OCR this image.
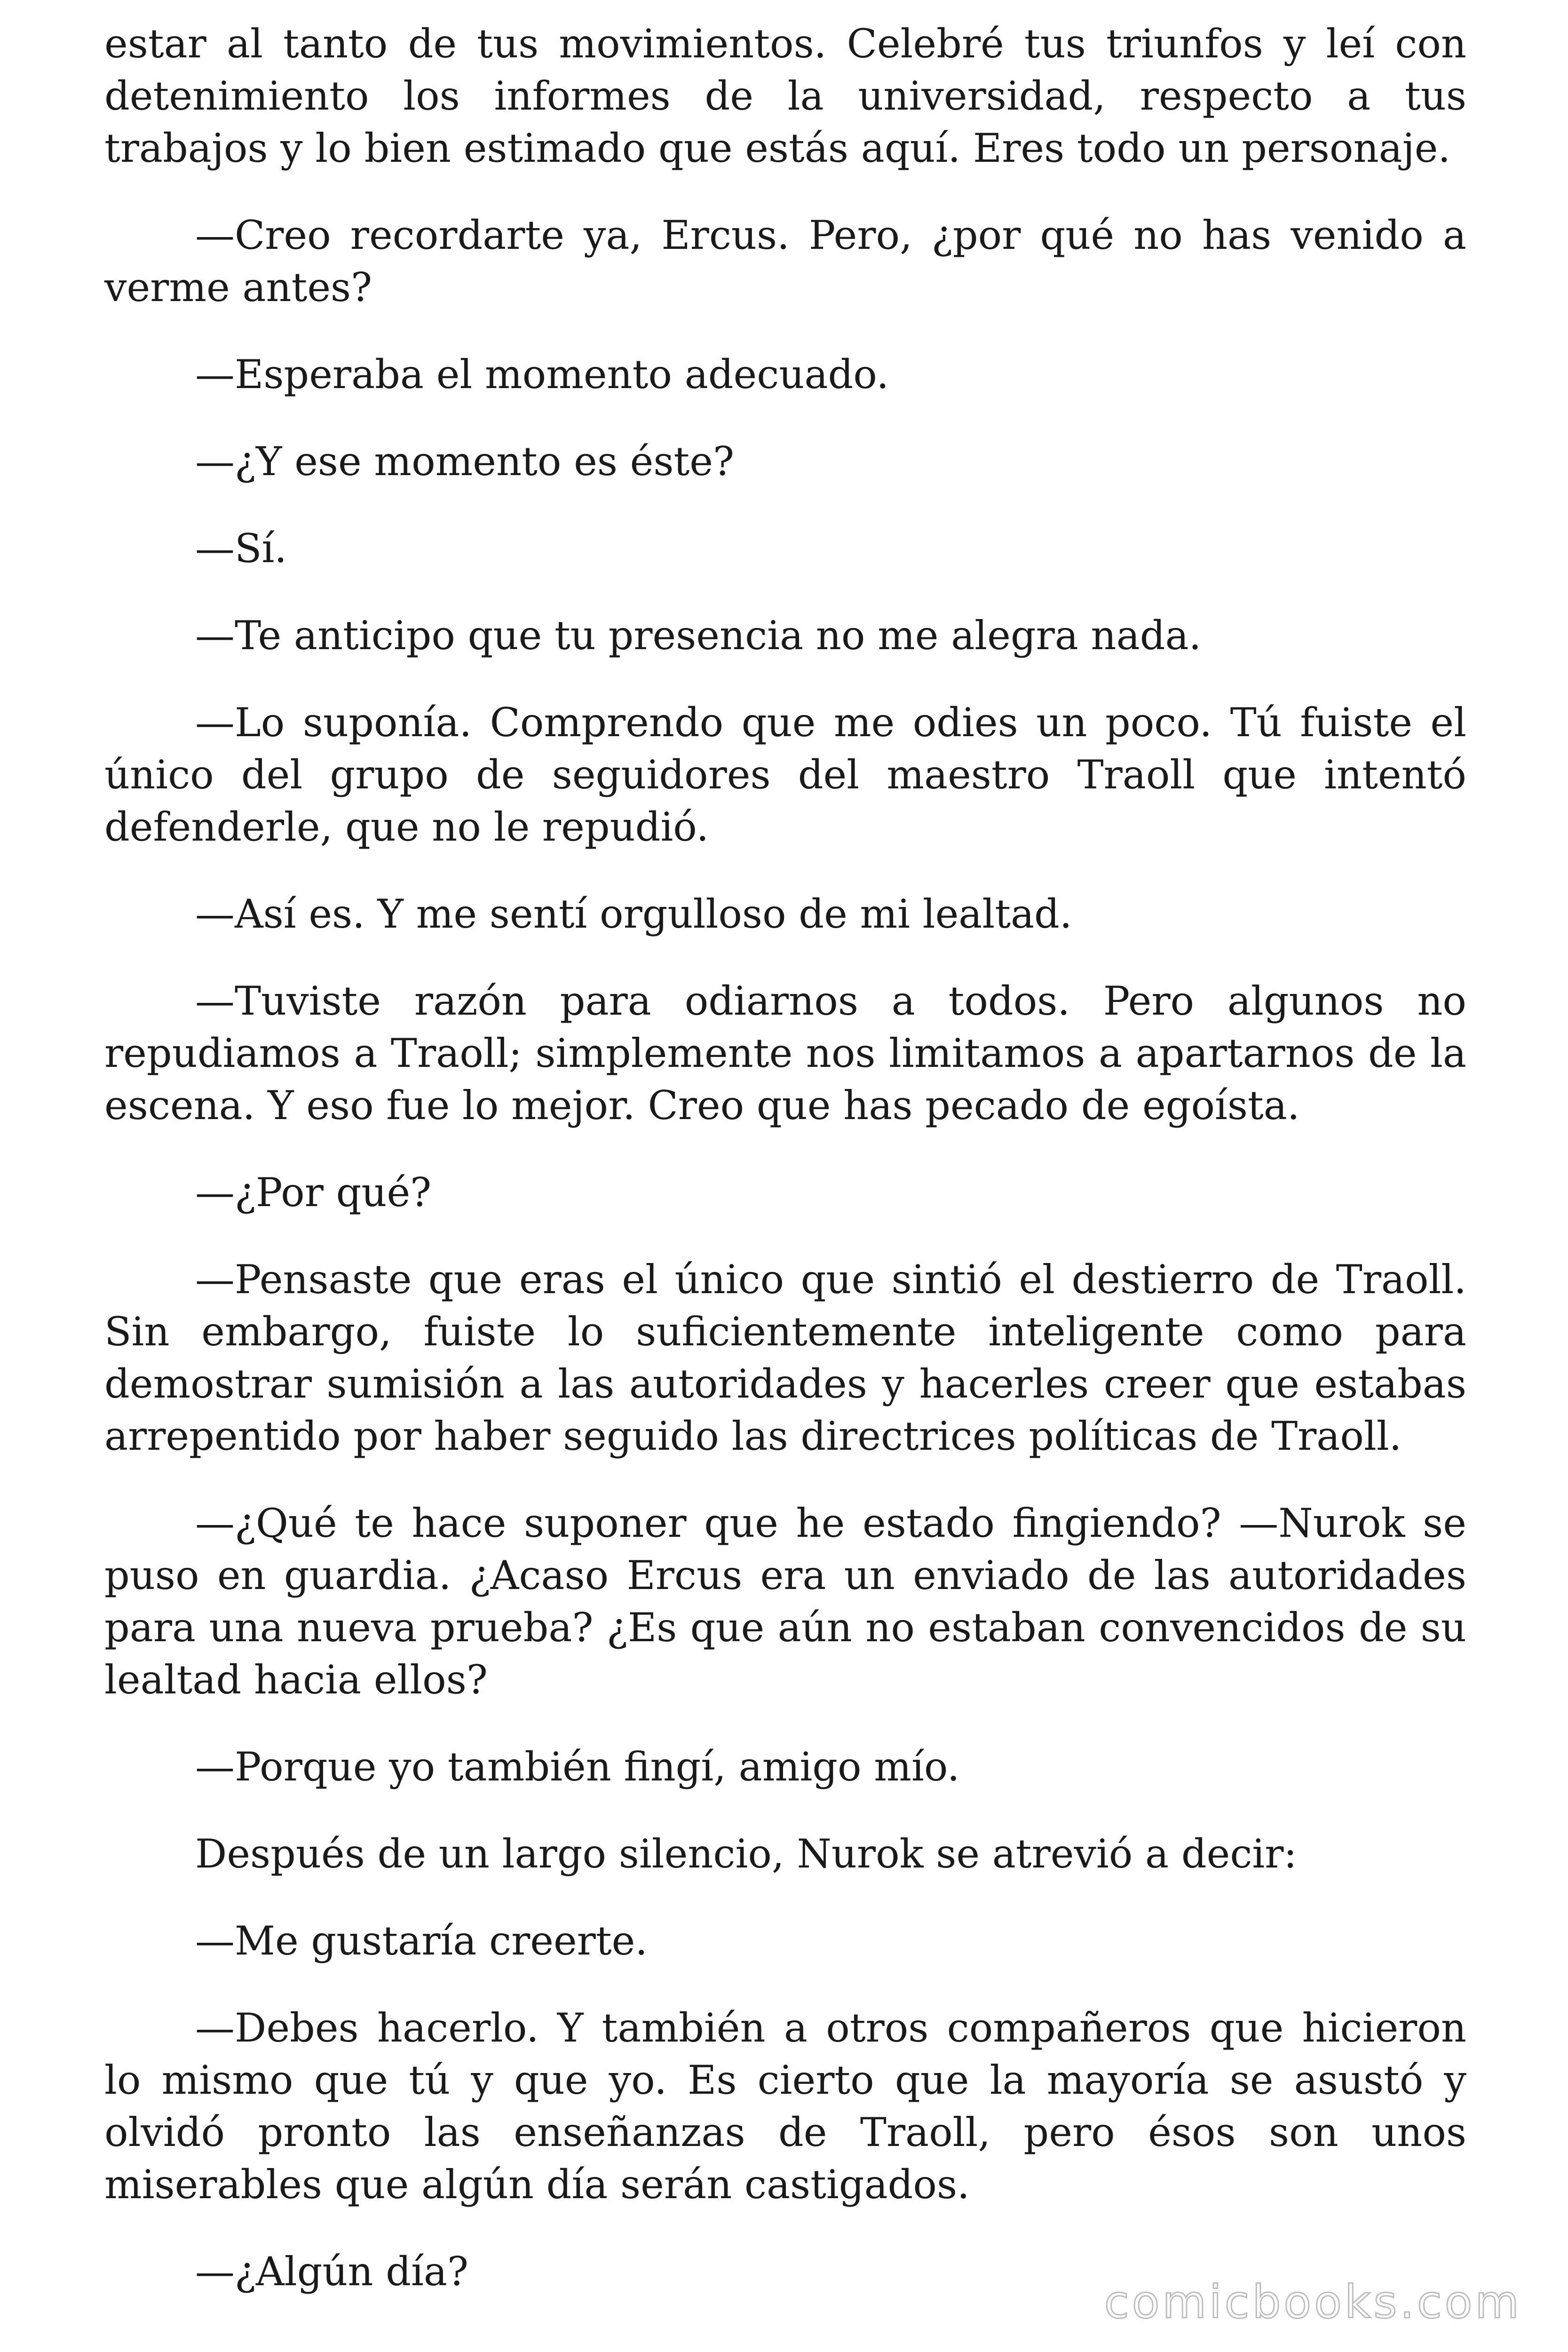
estar al tanto de tus movimientos. Celebré tus triunfos y leí con detenimiento los informes de la universidad, respecto a tus trabajos y lo bien estimado que estás aquí. Eres todo un personaje.

—Creo recordarte ya, Ercus. Pero, ¿por qué no has venido a verme antes?

—Esperaba el momento adecuado.

—¿Y ese momento es éste?

—Sí.

—Te anticipo que tu presencia no me alegra nada.

—Lo suponía. Comprendo que me odies un poco. Tú fuiste el único del grupo de seguidores del maestro Traoll que intentó defenderle, que no le repudió.

—Así es. Y me sentí orgulloso de mi lealtad.

—Tuviste razón para odiarnos a todos. Pero algunos no repudiamos a Traoll; simplemente nos limitamos a apartarnos de la escena. Y eso fue lo mejor. Creo que has pecado de egoísta.

—¿Por qué?

—Pensaste que eras el único que sintió el destierro de Traoll. Sin embargo, fuiste lo suficientemente inteligente como para demostrar sumisión a las autoridades y hacerles creer que estabas arrepentido por haber seguido las directrices políticas de Traoll.

—¿Qué te hace suponer que he estado fingiendo? —Nurok se puso en guardia. ¿Acaso Ercus era un enviado de las autoridades para una nueva prueba? ¿Es que aún no estaban convencidos de su lealtad hacia ellos?

—Porque yo también fingí, amigo mío.

Después de un largo silencio, Nurok se atrevió a decir:

—Me gustaría creerte.

—Debes hacerlo. Y también a otros compañeros que hicieron lo mismo que tú y que yo. Es cierto que la mayoría se asustó y olvidó pronto las enseñanzas de Traoll, pero ésos son unos miserables que algún día serán castigados.

—¿Algún día?

comicbooks.com
